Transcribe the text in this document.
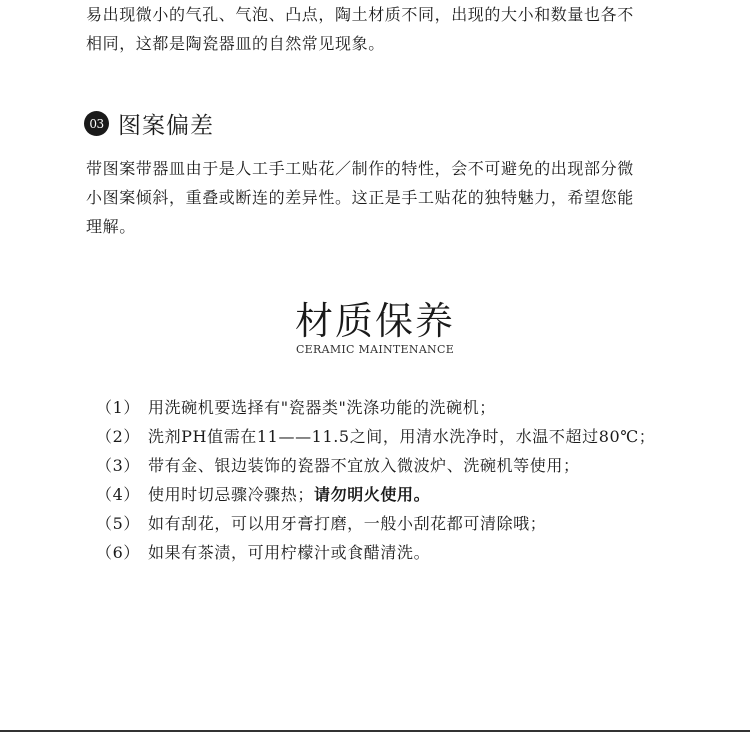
易出现微小的气孔、气泡、凸点，陶土材质不同，出现的大小和数量也各不
相同，这都是陶瓷器皿的自然常见现象。
03 图案偏差
带图案带器皿由于是人工手工贴花／制作的特性，会不可避免的出现部分微
小图案倾斜，重叠或断连的差异性。这正是手工贴花的独特魅力，希望您能
理解。
材质保养
CERAMIC MAINTENANCE
（1） 用洗碗机要选择有"瓷器类"洗涤功能的洗碗机；
（2） 洗剂PH值需在11——11.5之间，用清水洗净时，水温不超过80℃；
（3） 带有金、银边装饰的瓷器不宜放入微波炉、洗碗机等使用；
（4） 使用时切忌骤冷骤热；请勿明火使用。
（5） 如有刮花，可以用牙膏打磨，一般小刮花都可清除哦；
（6） 如果有茶渍，可用柠檬汁或食醋清洗。
